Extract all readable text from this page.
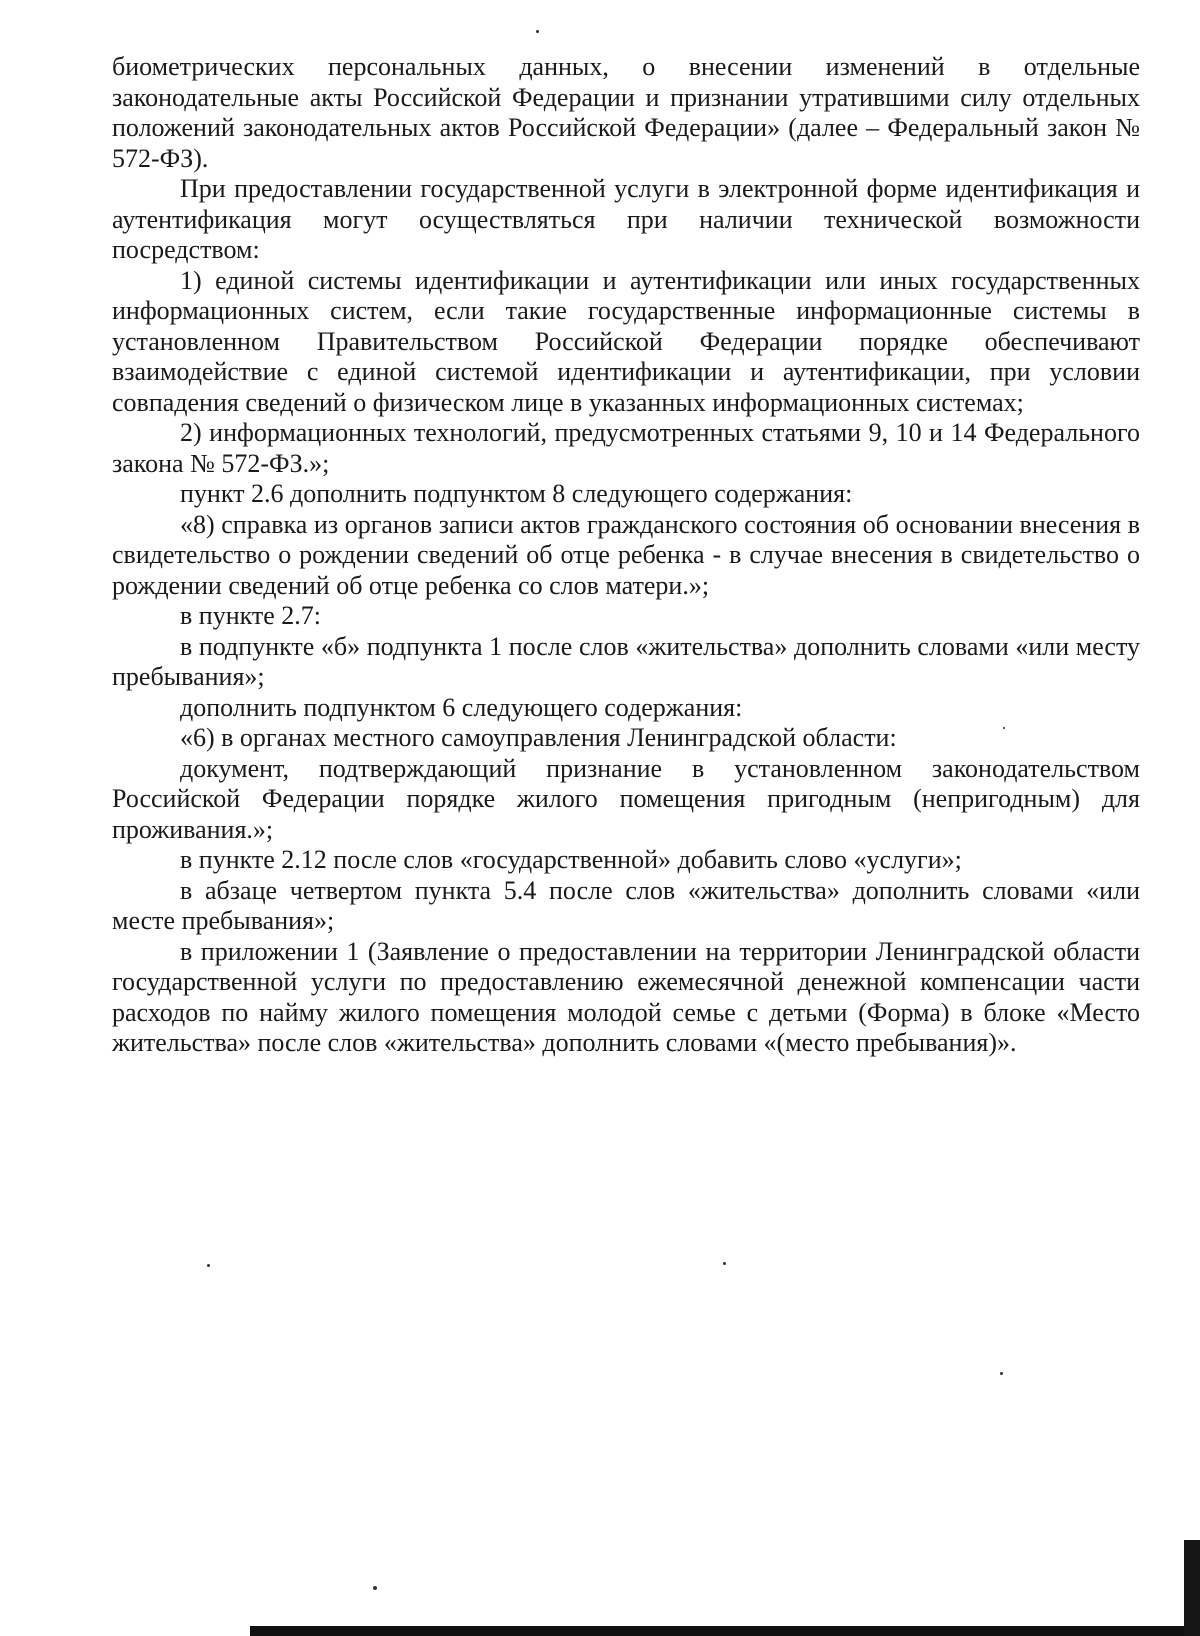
биометрических персональных данных, о внесении изменений в отдельные законодательные акты Российской Федерации и признании утратившими силу отдельных положений законодательных актов Российской Федерации» (далее – Федеральный закон № 572-ФЗ).

При предоставлении государственной услуги в электронной форме идентификация и аутентификация могут осуществляться при наличии технической возможности посредством:

1) единой системы идентификации и аутентификации или иных государственных информационных систем, если такие государственные информационные системы в установленном Правительством Российской Федерации порядке обеспечивают взаимодействие с единой системой идентификации и аутентификации, при условии совпадения сведений о физическом лице в указанных информационных системах;

2) информационных технологий, предусмотренных статьями 9, 10 и 14 Федерального закона № 572-ФЗ.»;

пункт 2.6 дополнить подпунктом 8 следующего содержания:

«8) справка из органов записи актов гражданского состояния об основании внесения в свидетельство о рождении сведений об отце ребенка - в случае внесения в свидетельство о рождении сведений об отце ребенка со слов матери.»;

в пункте 2.7:

в подпункте «б» подпункта 1 после слов «жительства» дополнить словами «или месту пребывания»;

дополнить подпунктом 6 следующего содержания:

«6) в органах местного самоуправления Ленинградской области:

документ, подтверждающий признание в установленном законодательством Российской Федерации порядке жилого помещения пригодным (непригодным) для проживания.»;

в пункте 2.12 после слов «государственной» добавить слово «услуги»;

в абзаце четвертом пункта 5.4 после слов «жительства» дополнить словами «или месте пребывания»;

в приложении 1 (Заявление о предоставлении на территории Ленинградской области государственной услуги по предоставлению ежемесячной денежной компенсации части расходов по найму жилого помещения молодой семье с детьми (Форма) в блоке «Место жительства» после слов «жительства» дополнить словами «(место пребывания)».
